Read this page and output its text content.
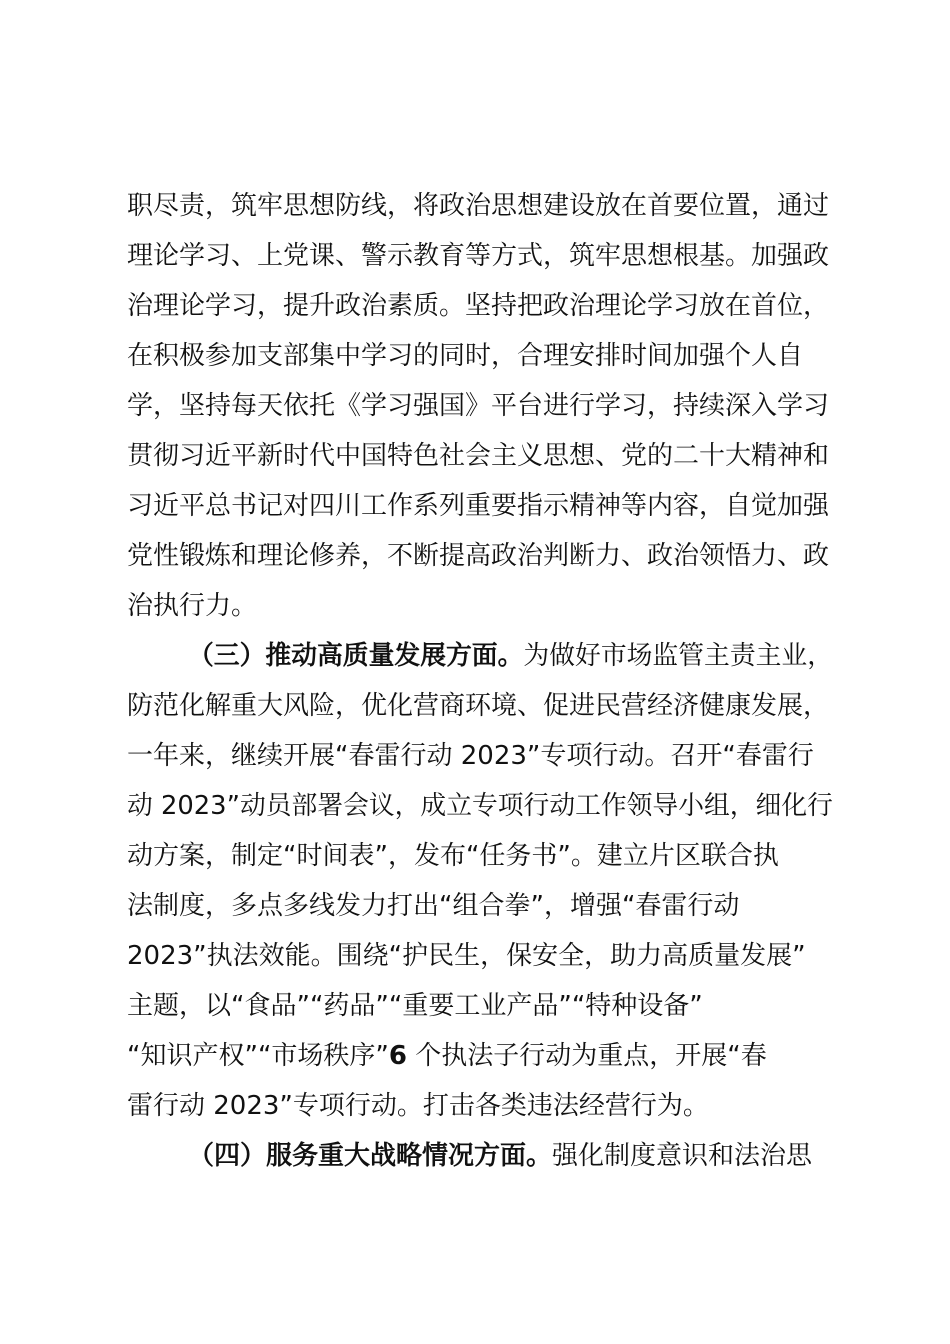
职尽责，筑牢思想防线，将政治思想建设放在首要位置，通过
理论学习、上党课、警示教育等方式，筑牢思想根基。加强政
治理论学习，提升政治素质。坚持把政治理论学习放在首位，
在积极参加支部集中学习的同时，合理安排时间加强个人自
学，坚持每天依托《学习强国》平台进行学习，持续深入学习
贯彻习近平新时代中国特色社会主义思想、党的二十大精神和
习近平总书记对四川工作系列重要指示精神等内容，自觉加强
党性锻炼和理论修养，不断提高政治判断力、政治领悟力、政
治执行力。
（三）推动高质量发展方面。为做好市场监管主责主业，
防范化解重大风险，优化营商环境、促进民营经济健康发展，
一年来，继续开展“春雷行动 2023”专项行动。召开“春雷行
动 2023”动员部署会议，成立专项行动工作领导小组，细化行
动方案，制定“时间表”，发布“任务书”。建立片区联合执
法制度，多点多线发力打出“组合拳”，增强“春雷行动
2023”执法效能。围绕“护民生，保安全，助力高质量发展”
主题，以“食品”“药品”“重要工业产品”“特种设备”
“知识产权”“市场秩序”6 个执法子行动为重点，开展“春
雷行动 2023”专项行动。打击各类违法经营行为。
（四）服务重大战略情况方面。强化制度意识和法治思
